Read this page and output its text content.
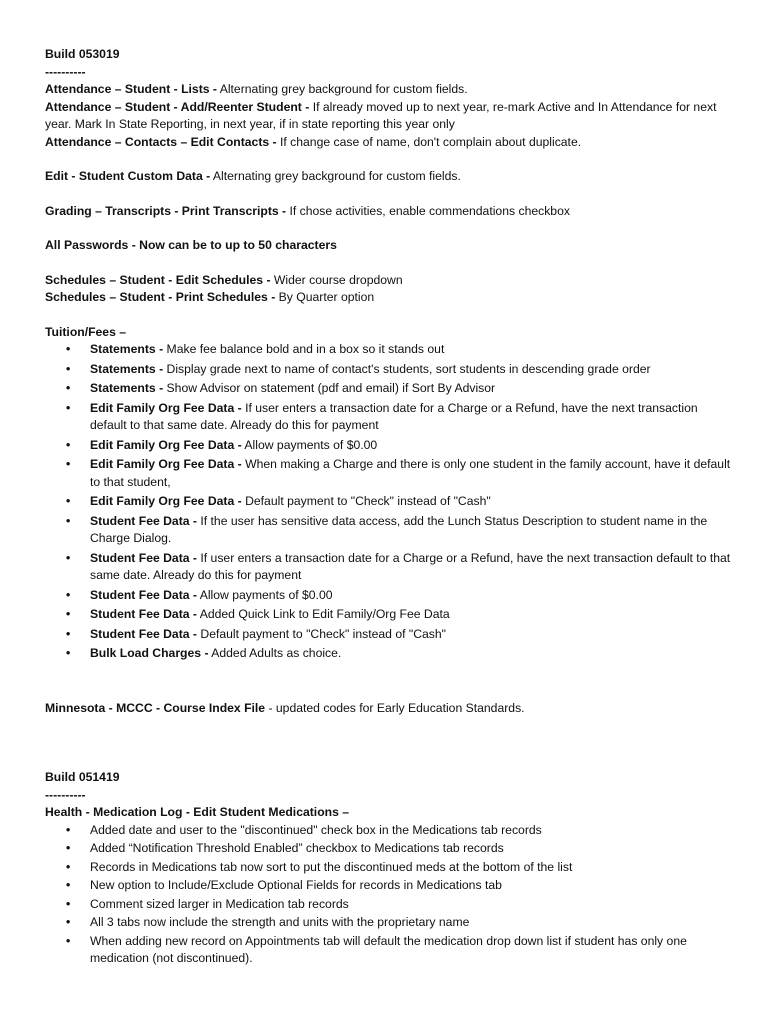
Build 053019

----------

Attendance – Student - Lists - Alternating grey background for custom fields.

Attendance – Student - Add/Reenter Student - If already moved up to next year, re-mark Active and In Attendance for next year. Mark In State Reporting, in next year, if in state reporting this year only

Attendance – Contacts – Edit Contacts - If change case of name, don't complain about duplicate.

Edit - Student Custom Data - Alternating grey background for custom fields.

Grading – Transcripts - Print Transcripts - If chose activities, enable commendations checkbox

All Passwords - Now can be to up to 50 characters

Schedules – Student - Edit Schedules - Wider course dropdown

Schedules – Student - Print Schedules - By Quarter option

Tuition/Fees –

• Statements - Make fee balance bold and in a box so it stands out
• Statements - Display grade next to name of contact's students, sort students in descending grade order
• Statements - Show Advisor on statement (pdf and email) if Sort By Advisor
• Edit Family Org Fee Data - If user enters a transaction date for a Charge or a Refund, have the next transaction default to that same date. Already do this for payment
• Edit Family Org Fee Data - Allow payments of $0.00
• Edit Family Org Fee Data - When making a Charge and there is only one student in the family account, have it default to that student,
• Edit Family Org Fee Data - Default payment to "Check" instead of "Cash"
• Student Fee Data - If the user has sensitive data access, add the Lunch Status Description to student name in the Charge Dialog.
• Student Fee Data - If user enters a transaction date for a Charge or a Refund, have the next transaction default to that same date. Already do this for payment
• Student Fee Data - Allow payments of $0.00
• Student Fee Data - Added Quick Link to Edit Family/Org Fee Data
• Student Fee Data - Default payment to "Check" instead of "Cash"
• Bulk Load Charges - Added Adults as choice.

Minnesota - MCCC - Course Index File - updated codes for Early Education Standards.

Build 051419

----------

Health - Medication Log - Edit Student Medications –

• Added date and user to the "discontinued" check box in the Medications tab records
• Added “Notification Threshold Enabled” checkbox to Medications tab records
• Records in Medications tab now sort to put the discontinued meds at the bottom of the list
• New option to Include/Exclude Optional Fields for records in Medications tab
• Comment sized larger in Medication tab records
• All 3 tabs now include the strength and units with the proprietary name
• When adding new record on Appointments tab will default the medication drop down list if student has only one medication (not discontinued).
